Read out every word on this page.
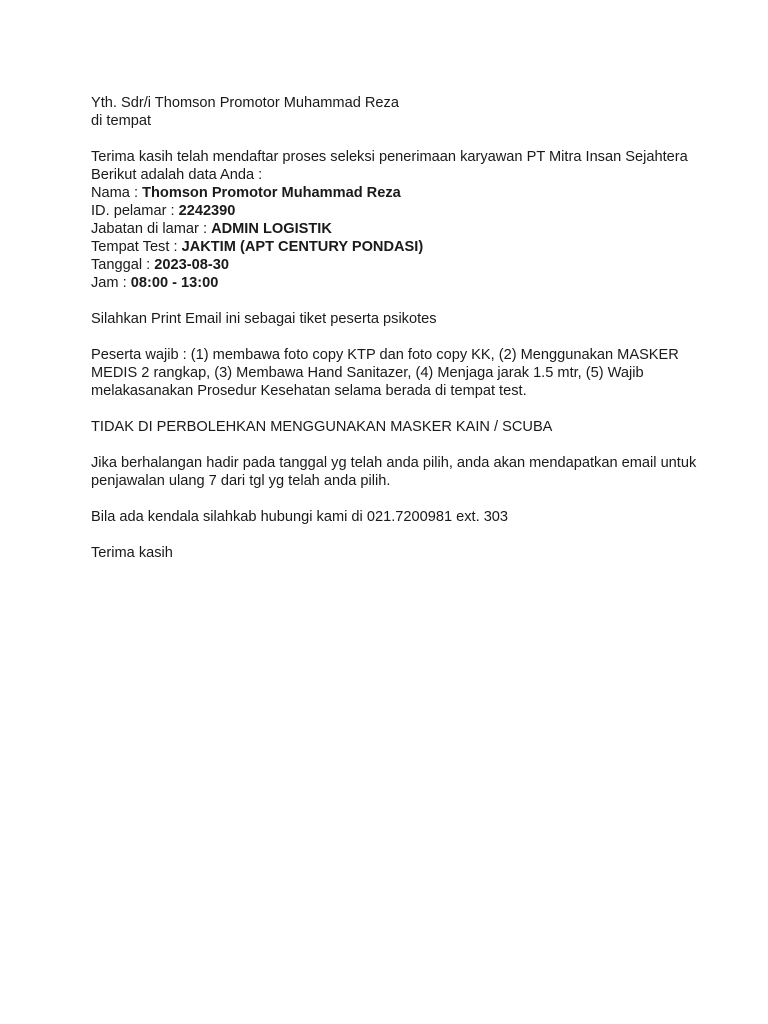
Yth. Sdr/i Thomson Promotor Muhammad Reza
di tempat
Terima kasih telah mendaftar proses seleksi penerimaan karyawan PT Mitra Insan Sejahtera
Berikut adalah data Anda :
Nama : Thomson Promotor Muhammad Reza
ID. pelamar : 2242390
Jabatan di lamar : ADMIN LOGISTIK
Tempat Test : JAKTIM (APT CENTURY PONDASI)
Tanggal : 2023-08-30
Jam : 08:00 - 13:00
Silahkan Print Email ini sebagai tiket peserta psikotes
Peserta wajib : (1) membawa foto copy KTP dan foto copy KK, (2) Menggunakan MASKER MEDIS 2 rangkap, (3) Membawa Hand Sanitazer, (4) Menjaga jarak 1.5 mtr, (5) Wajib melakasanakan Prosedur Kesehatan selama berada di tempat test.
TIDAK DI PERBOLEHKAN MENGGUNAKAN MASKER KAIN / SCUBA
Jika berhalangan hadir pada tanggal yg telah anda pilih, anda akan mendapatkan email untuk penjawalan ulang 7 dari tgl yg telah anda pilih.
Bila ada kendala silahkab hubungi kami di 021.7200981 ext. 303
Terima kasih
